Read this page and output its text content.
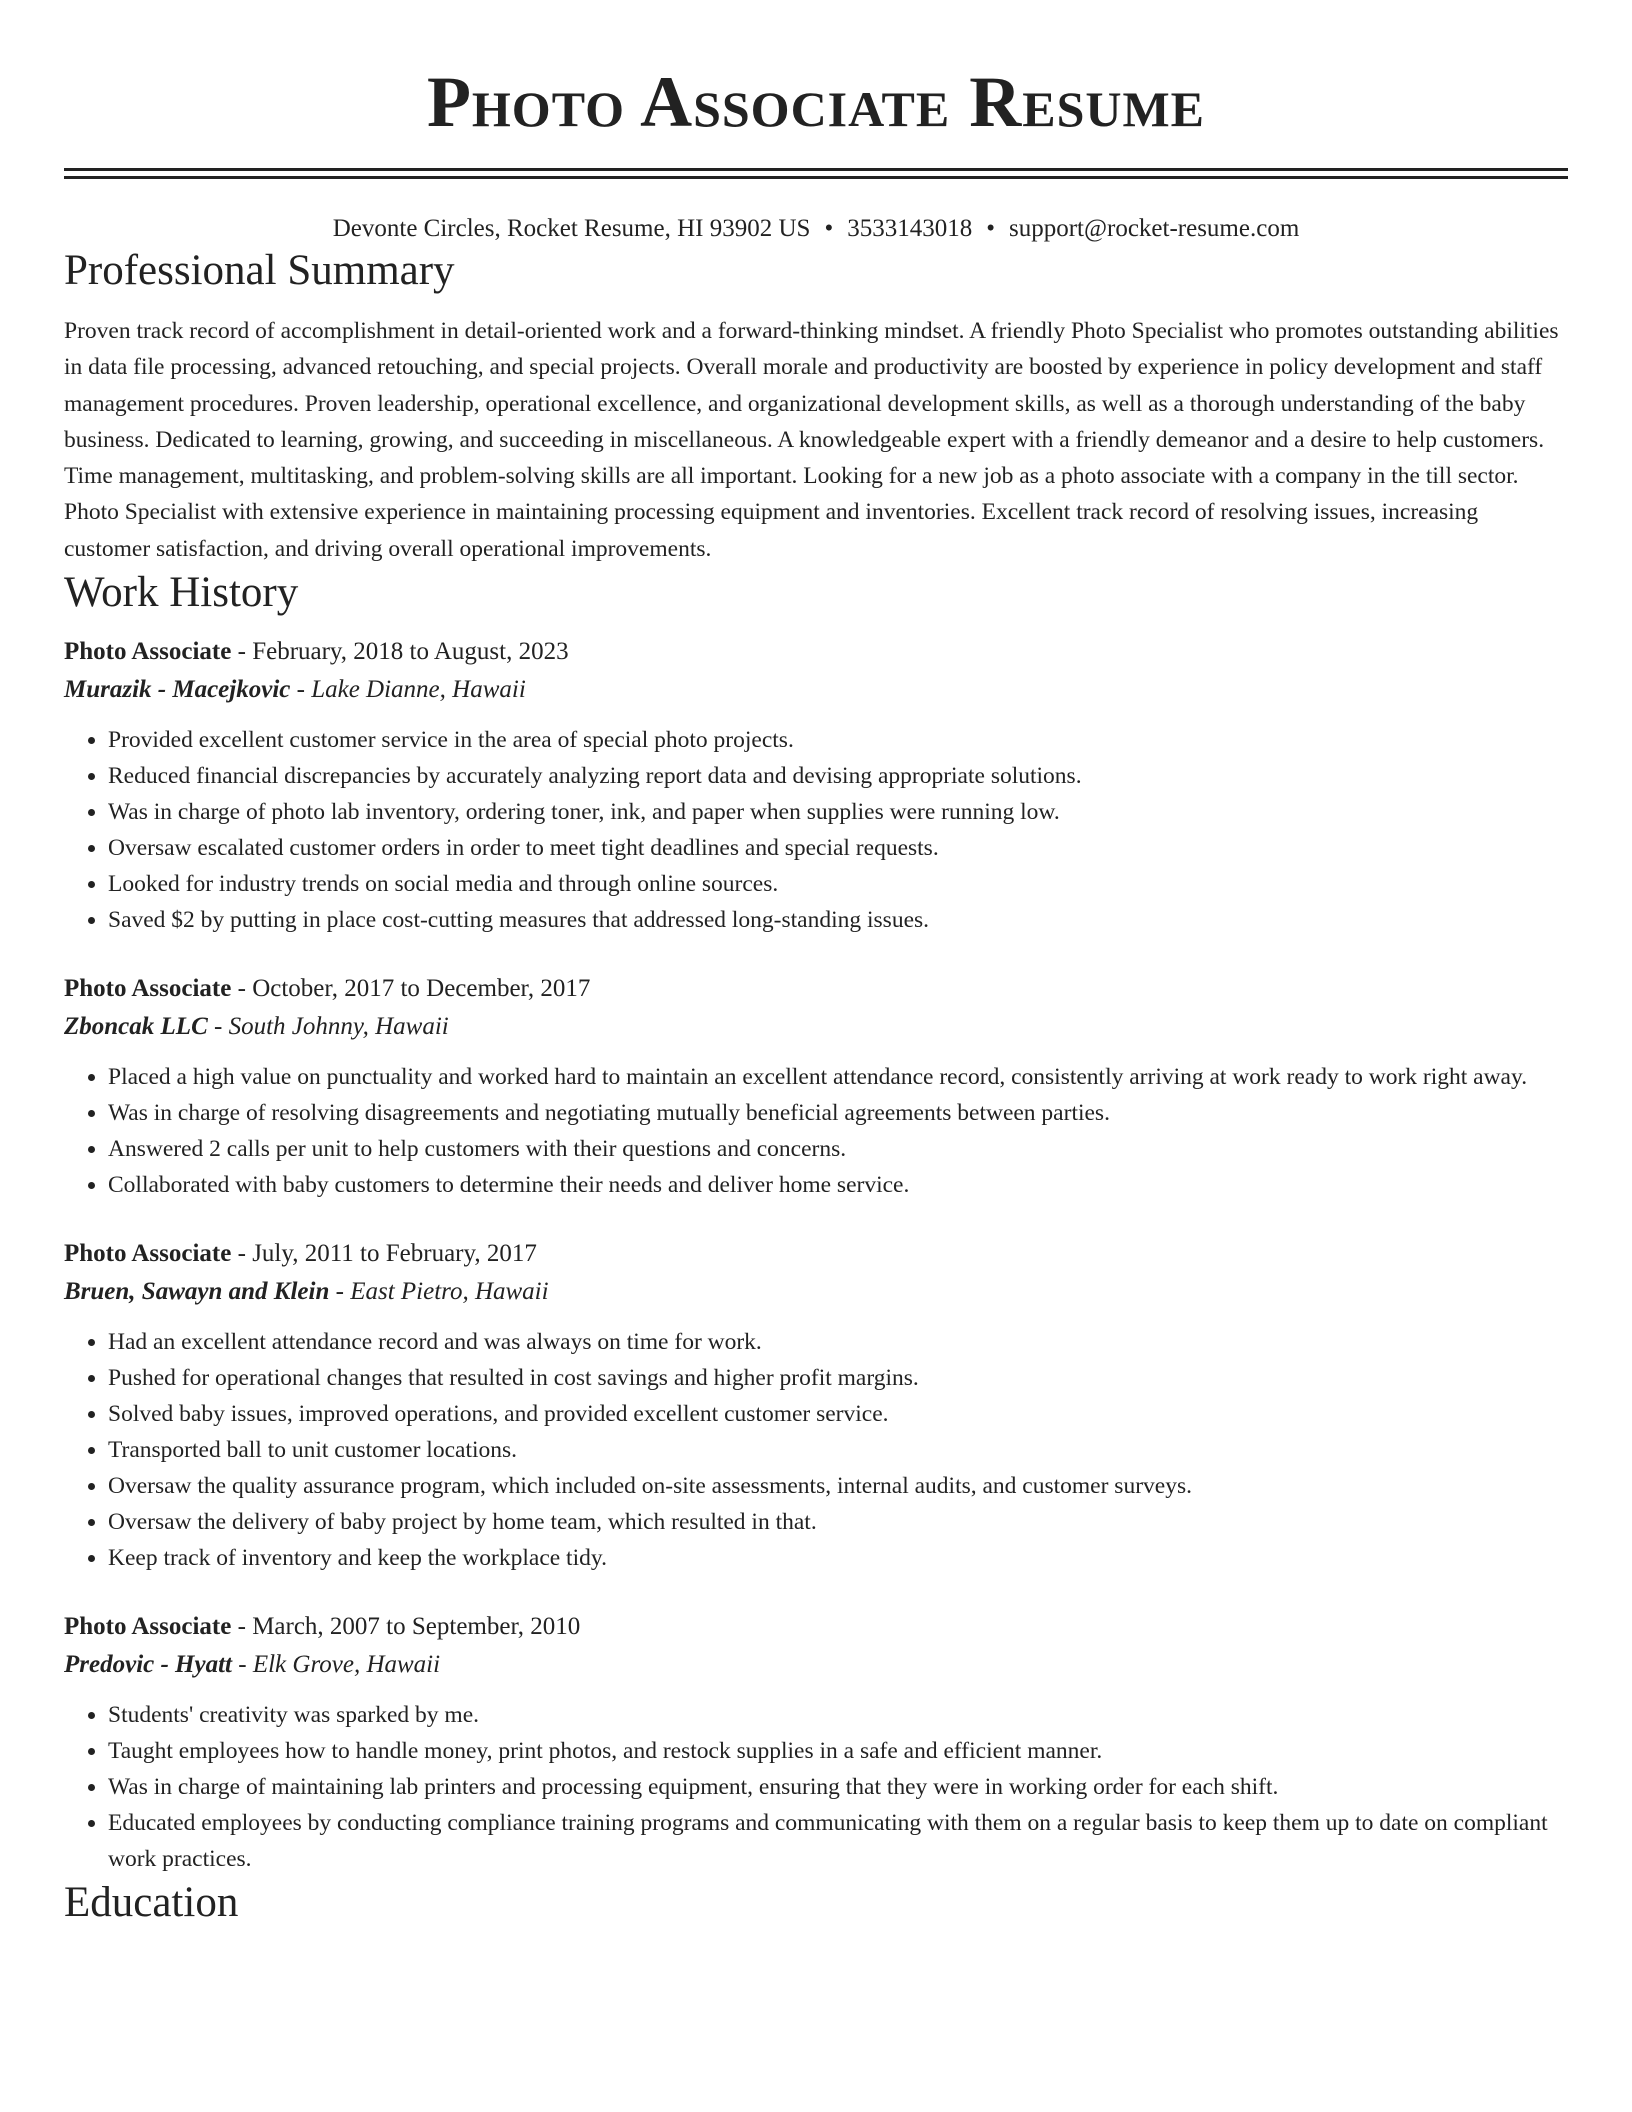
Photo Associate Resume
Devonte Circles, Rocket Resume, HI 93902 US • 3533143018 • support@rocket-resume.com
Professional Summary

Proven track record of accomplishment in detail-oriented work and a forward-thinking mindset. A friendly Photo Specialist who promotes outstanding abilities in data file processing, advanced retouching, and special projects. Overall morale and productivity are boosted by experience in policy development and staff management procedures. Proven leadership, operational excellence, and organizational development skills, as well as a thorough understanding of the baby business. Dedicated to learning, growing, and succeeding in miscellaneous. A knowledgeable expert with a friendly demeanor and a desire to help customers. Time management, multitasking, and problem-solving skills are all important. Looking for a new job as a photo associate with a company in the till sector. Photo Specialist with extensive experience in maintaining processing equipment and inventories. Excellent track record of resolving issues, increasing customer satisfaction, and driving overall operational improvements.

Work History
Photo Associate - February, 2018 to August, 2023
Murazik - Macejkovic - Lake Dianne, Hawaii
• Provided excellent customer service in the area of special photo projects.
• Reduced financial discrepancies by accurately analyzing report data and devising appropriate solutions.
• Was in charge of photo lab inventory, ordering toner, ink, and paper when supplies were running low.
• Oversaw escalated customer orders in order to meet tight deadlines and special requests.
• Looked for industry trends on social media and through online sources.
• Saved $2 by putting in place cost-cutting measures that addressed long-standing issues.
Photo Associate - October, 2017 to December, 2017
Zboncak LLC - South Johnny, Hawaii
• Placed a high value on punctuality and worked hard to maintain an excellent attendance record, consistently arriving at work ready to work right away.
• Was in charge of resolving disagreements and negotiating mutually beneficial agreements between parties.
• Answered 2 calls per unit to help customers with their questions and concerns.
• Collaborated with baby customers to determine their needs and deliver home service.
Photo Associate - July, 2011 to February, 2017
Bruen, Sawayn and Klein - East Pietro, Hawaii
• Had an excellent attendance record and was always on time for work.
• Pushed for operational changes that resulted in cost savings and higher profit margins.
• Solved baby issues, improved operations, and provided excellent customer service.
• Transported ball to unit customer locations.
• Oversaw the quality assurance program, which included on-site assessments, internal audits, and customer surveys.
• Oversaw the delivery of baby project by home team, which resulted in that.
• Keep track of inventory and keep the workplace tidy.
Photo Associate - March, 2007 to September, 2010
Predovic - Hyatt - Elk Grove, Hawaii
• Students' creativity was sparked by me.
• Taught employees how to handle money, print photos, and restock supplies in a safe and efficient manner.
• Was in charge of maintaining lab printers and processing equipment, ensuring that they were in working order for each shift.
• Educated employees by conducting compliance training programs and communicating with them on a regular basis to keep them up to date on compliant work practices.
Education
